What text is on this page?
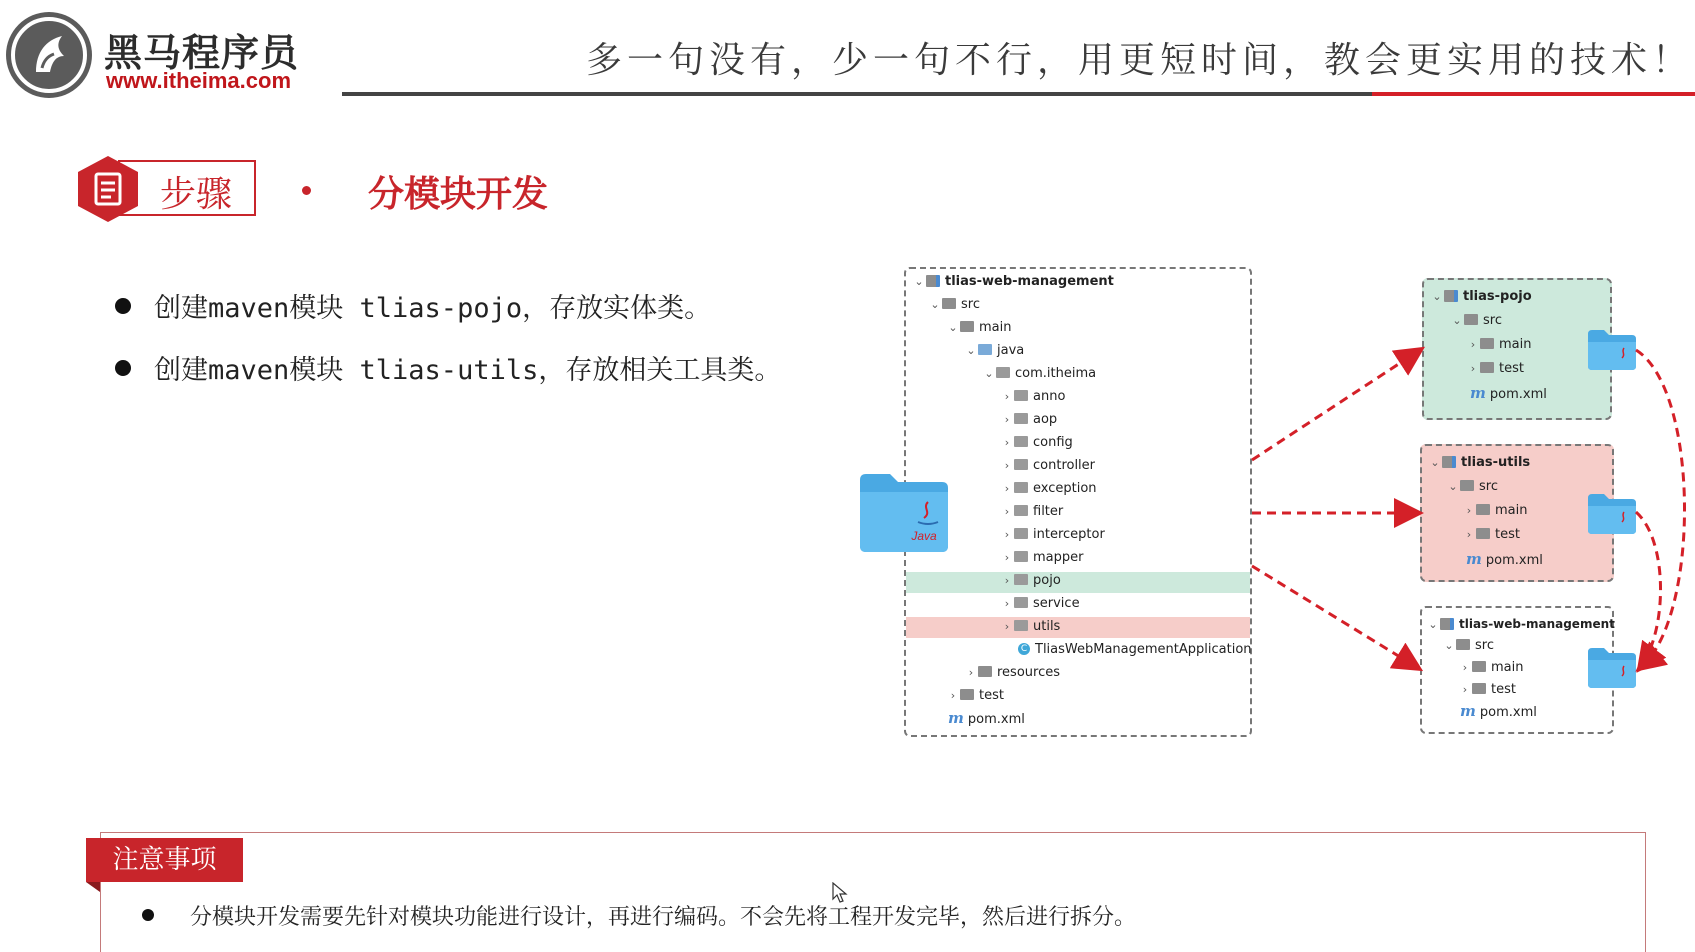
黑马程序员
www.itheima.com	多一句没有，少一句不行，用更短时间，教会更实用的技术！
步骤	分模块开发
创建maven模块 tlias-pojo，存放实体类。
创建maven模块 tlias-utils，存放相关工具类。
⌄ tlias-web-management
⌄ src
⌄ main
⌄ java
⌄ com.itheima
› anno
› aop
› config
› controller
› exception
› filter
› interceptor
› mapper
› pojo
› service
› utils
C TliasWebManagementApplication
› resources
› test
m pom.xml
Java
⌄ tlias-pojo
⌄ src
› main
› test
m pom.xml
⌄ tlias-utils
⌄ src
› main
› test
m pom.xml
⌄ tlias-web-management
⌄ src
› main
› test
m pom.xml
注意事项
分模块开发需要先针对模块功能进行设计，再进行编码。不会先将工程开发完毕，然后进行拆分。
